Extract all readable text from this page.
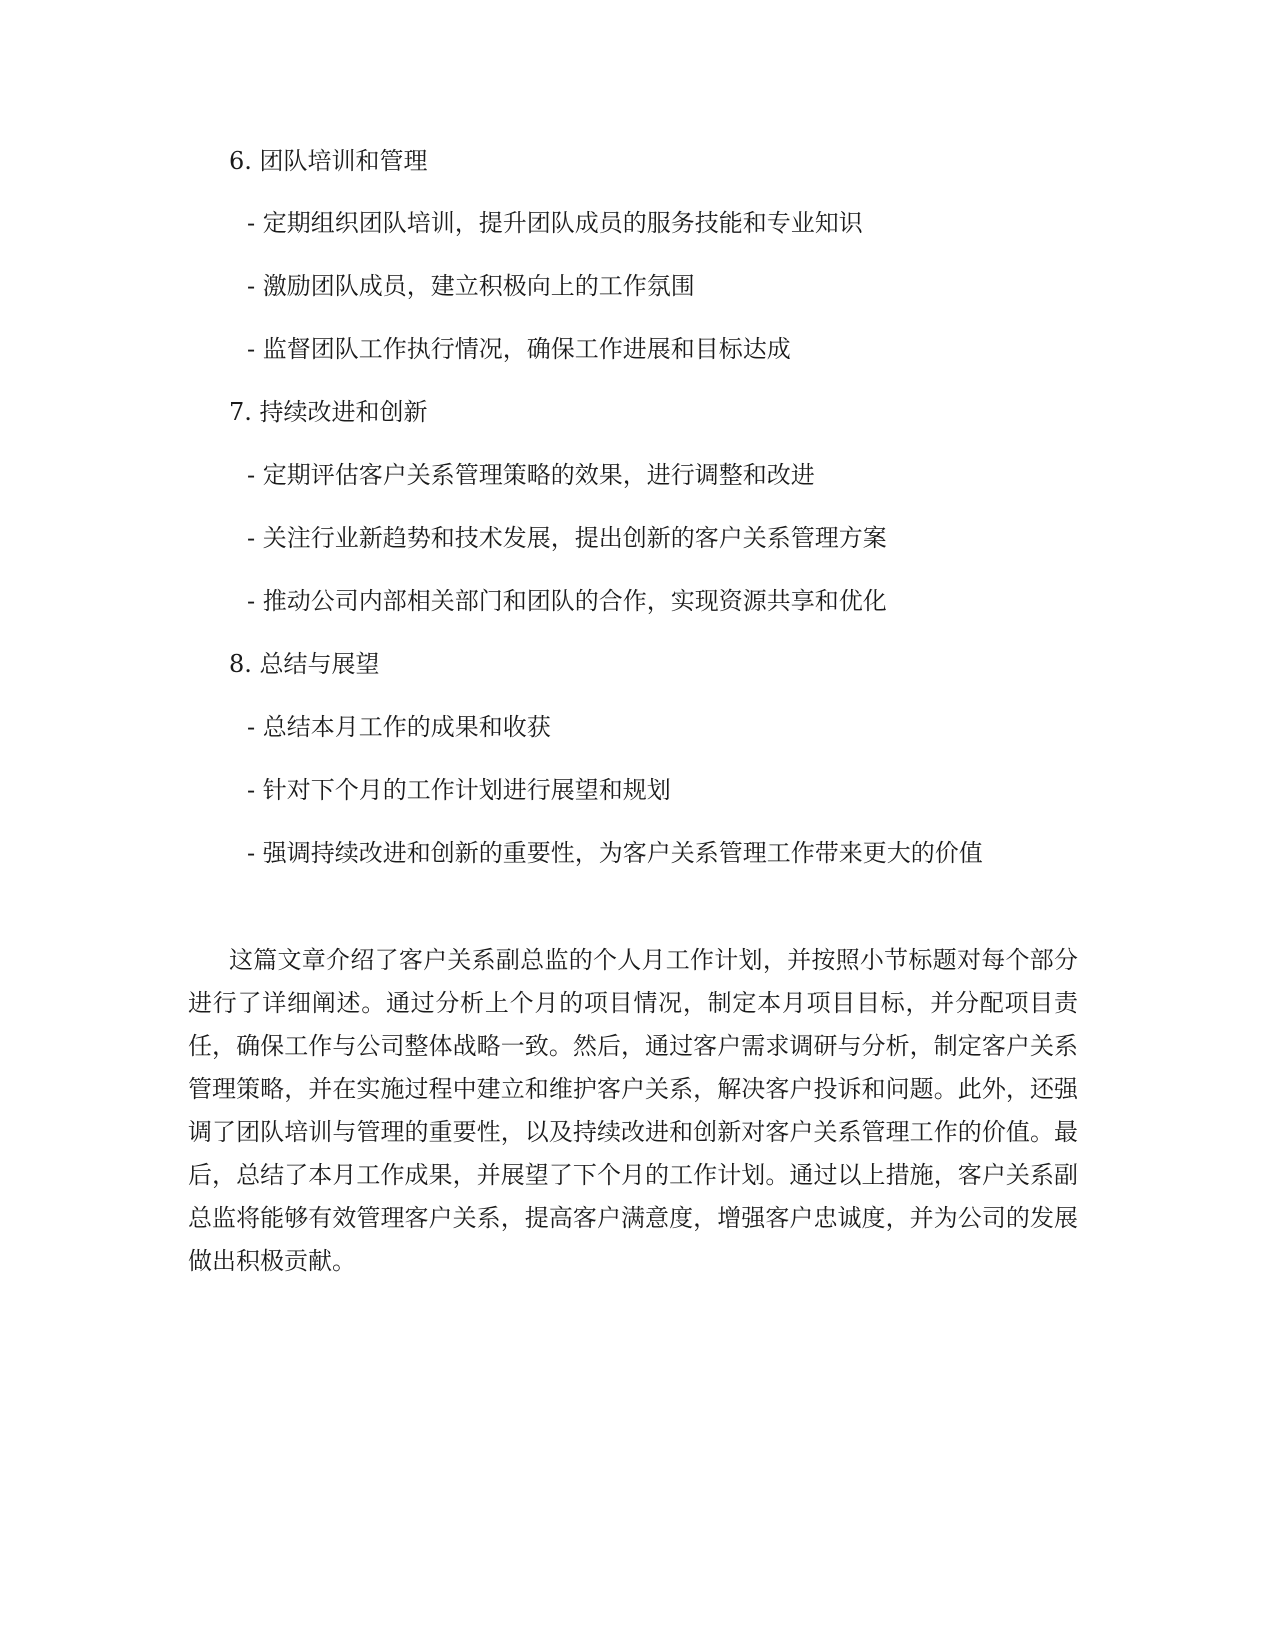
6. 团队培训和管理
- 定期组织团队培训，提升团队成员的服务技能和专业知识
- 激励团队成员，建立积极向上的工作氛围
- 监督团队工作执行情况，确保工作进展和目标达成
7. 持续改进和创新
- 定期评估客户关系管理策略的效果，进行调整和改进
- 关注行业新趋势和技术发展，提出创新的客户关系管理方案
- 推动公司内部相关部门和团队的合作，实现资源共享和优化
8. 总结与展望
- 总结本月工作的成果和收获
- 针对下个月的工作计划进行展望和规划
- 强调持续改进和创新的重要性，为客户关系管理工作带来更大的价值

这篇文章介绍了客户关系副总监的个人月工作计划，并按照小节标题对每个部分进行了详细阐述。通过分析上个月的项目情况，制定本月项目目标，并分配项目责任，确保工作与公司整体战略一致。然后，通过客户需求调研与分析，制定客户关系管理策略，并在实施过程中建立和维护客户关系，解决客户投诉和问题。此外，还强调了团队培训与管理的重要性，以及持续改进和创新对客户关系管理工作的价值。最后，总结了本月工作成果，并展望了下个月的工作计划。通过以上措施，客户关系副总监将能够有效管理客户关系，提高客户满意度，增强客户忠诚度，并为公司的发展做出积极贡献。
